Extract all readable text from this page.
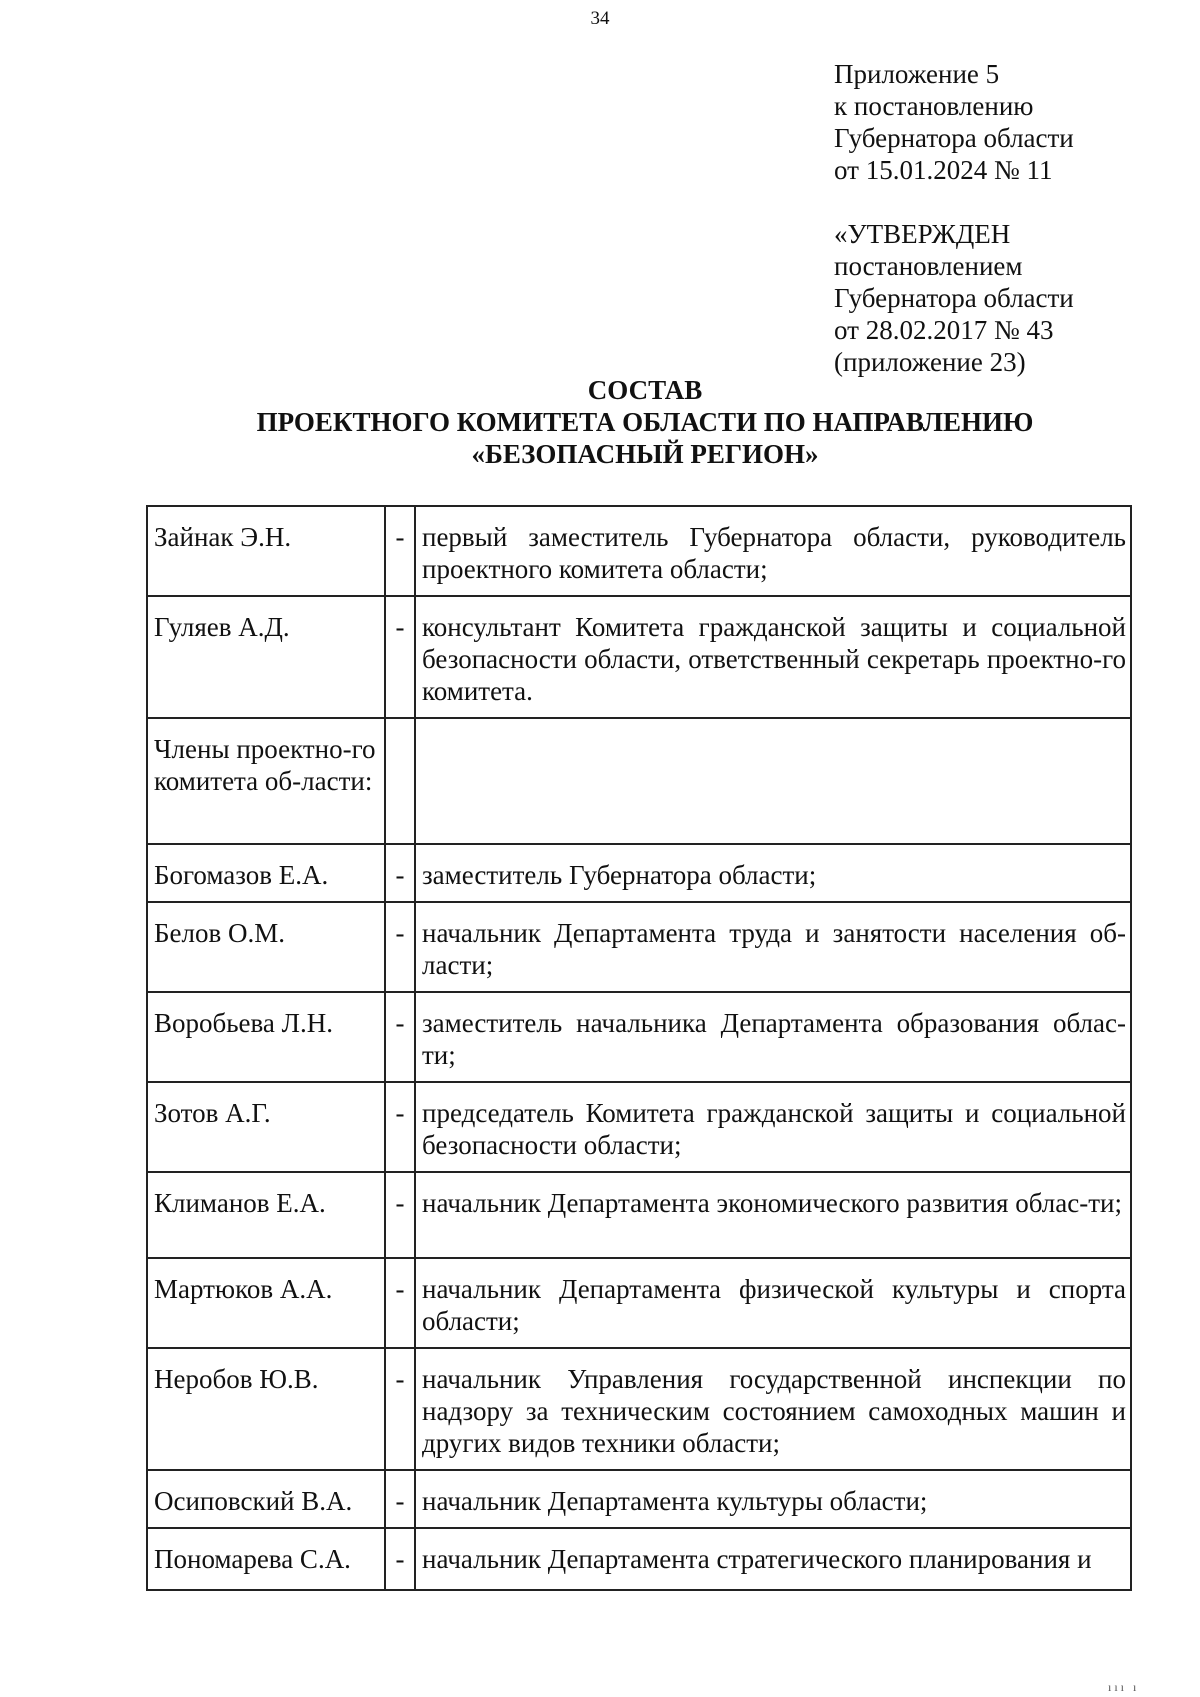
34
Приложение 5
к постановлению
Губернатора области
от 15.01.2024 № 11
«УТВЕРЖДЕН
постановлением
Губернатора области
от 28.02.2017 № 43
(приложение 23)
СОСТАВ
ПРОЕКТНОГО КОМИТЕТА ОБЛАСТИ ПО НАПРАВЛЕНИЮ
«БЕЗОПАСНЫЙ РЕГИОН»
Зайнак Э.Н.	-	первый заместитель Губернатора области, руководитель проектного комитета области;
Гуляев А.Д.	-	консультант Комитета гражданской защиты и социальной безопасности области, ответственный секретарь проектно-го комитета.
Члены проектно-го комитета об-ласти:		
Богомазов Е.А.	-	заместитель Губернатора области;
Белов О.М.	-	начальник Департамента труда и занятости населения об-ласти;
Воробьева Л.Н.	-	заместитель начальника Департамента образования облас-ти;
Зотов А.Г.	-	председатель Комитета гражданской защиты и социальной безопасности области;
Климанов Е.А.	-	начальник Департамента экономического развития облас-ти;
Мартюков А.А.	-	начальник Департамента физической культуры и спорта области;
Неробов Ю.В.	-	начальник Управления государственной инспекции по надзору за техническим состоянием самоходных машин и других видов техники области;
Осиповский В.А.	-	начальник Департамента культуры области;
Пономарева С.А.	-	начальник Департамента стратегического планирования и
ııı ı
